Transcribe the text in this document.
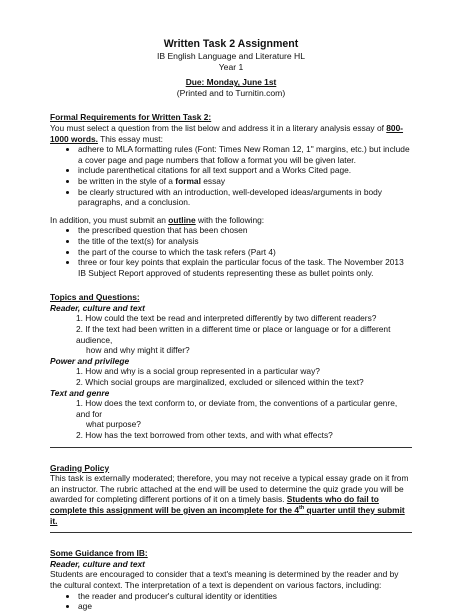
Written Task 2 Assignment
IB English Language and Literature HL
Year 1
Due: Monday, June 1st
(Printed and to Turnitin.com)
Formal Requirements for Written Task 2:

You must select a question from the list below and address it in a literary analysis essay of 800-1000 words. This essay must:

• adhere to MLA formatting rules (Font: Times New Roman 12, 1" margins, etc.) but include a cover page and page numbers that follow a format you will be given later.
• include parenthetical citations for all text support and a Works Cited page.
• be written in the style of a formal essay
• be clearly structured with an introduction, well-developed ideas/arguments in body paragraphs, and a conclusion.

In addition, you must submit an outline with the following:

• the prescribed question that has been chosen
• the title of the text(s) for analysis
• the part of the course to which the task refers (Part 4)
• three or four key points that explain the particular focus of the task. The November 2013 IB Subject Report approved of students representing these as bullet points only.
Topics and Questions:
Reader, culture and text
1. How could the text be read and interpreted differently by two different readers?
2. If the text had been written in a different time or place or language or for a different audience,
how and why might it differ?
Power and privilege
1. How and why is a social group represented in a particular way?
2. Which social groups are marginalized, excluded or silenced within the text?
Text and genre
1. How does the text conform to, or deviate from, the conventions of a particular genre, and for
what purpose?
2. How has the text borrowed from other texts, and with what effects?
Grading Policy

This task is externally moderated; therefore, you may not receive a typical essay grade on it from an instructor. The rubric attached at the end will be used to determine the quiz grade you will be awarded for completing different portions of it on a timely basis. Students who do fail to complete this assignment will be given an incomplete for the 4th quarter until they submit it.

Some Guidance from IB:
Reader, culture and text

Students are encouraged to consider that a text's meaning is determined by the reader and by the cultural context. The interpretation of a text is dependent on various factors, including:

• the reader and producer's cultural identity or identities
• age
